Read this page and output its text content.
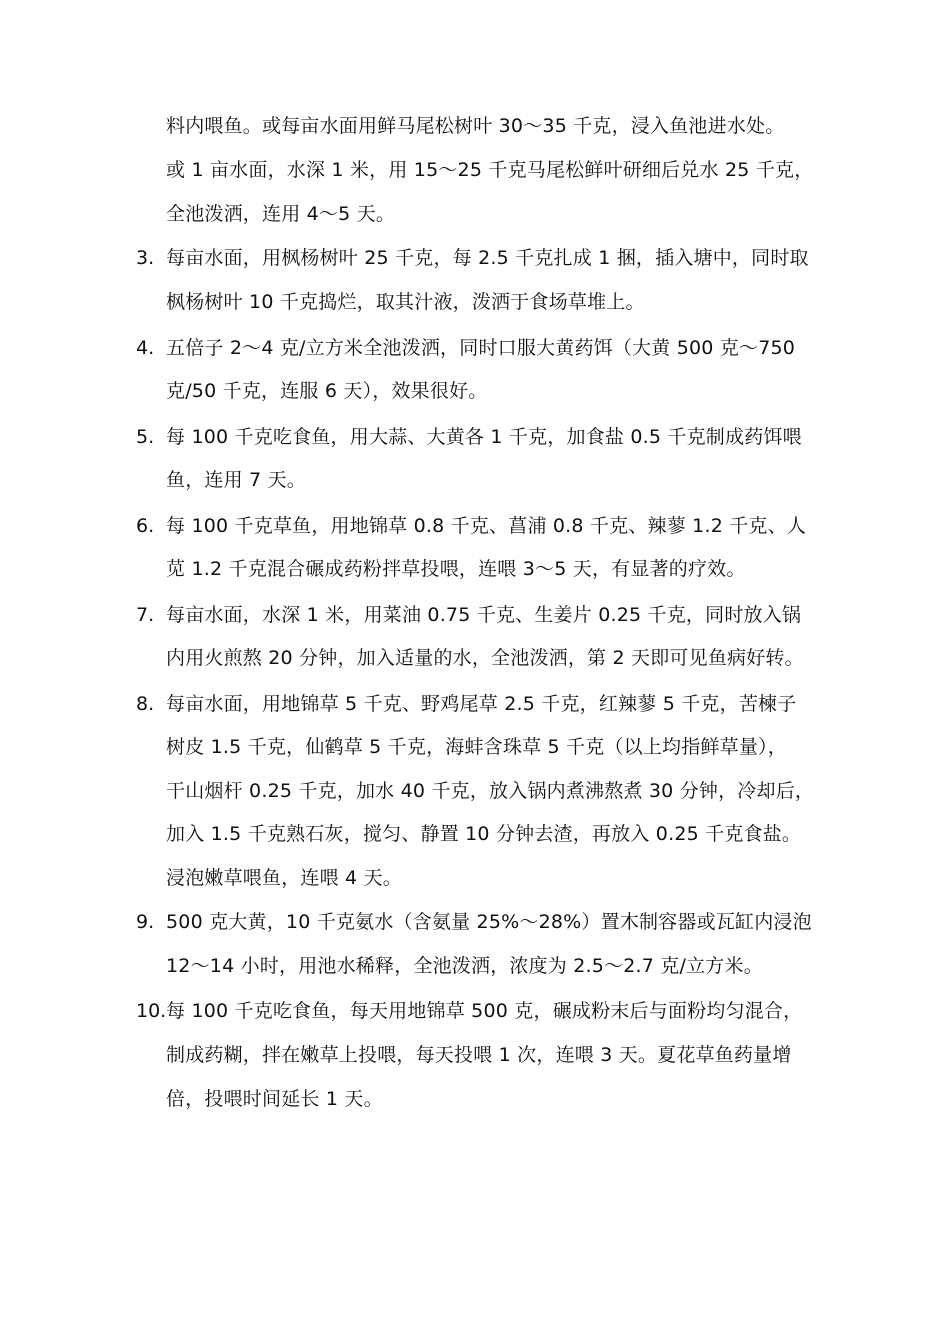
料内喂鱼。或每亩水面用鲜马尾松树叶 30～35 千克，浸入鱼池进水处。
或 1 亩水面，水深 1 米，用 15～25 千克马尾松鲜叶研细后兑水 25 千克，
全池泼洒，连用 4～5 天。
3. 每亩水面，用枫杨树叶 25 千克，每 2.5 千克扎成 1 捆，插入塘中，同时取
枫杨树叶 10 千克捣烂，取其汁液，泼洒于食场草堆上。
4. 五倍子 2～4 克/立方米全池泼洒，同时口服大黄药饵（大黄 500 克～750
克/50 千克，连服 6 天），效果很好。
5. 每 100 千克吃食鱼，用大蒜、大黄各 1 千克，加食盐 0.5 千克制成药饵喂
鱼，连用 7 天。
6. 每 100 千克草鱼，用地锦草 0.8 千克、菖浦 0.8 千克、辣蓼 1.2 千克、人
苋 1.2 千克混合碾成药粉拌草投喂，连喂 3～5 天，有显著的疗效。
7. 每亩水面，水深 1 米，用菜油 0.75 千克、生姜片 0.25 千克，同时放入锅
内用火煎熬 20 分钟，加入适量的水，全池泼洒，第 2 天即可见鱼病好转。
8. 每亩水面，用地锦草 5 千克、野鸡尾草 2.5 千克，红辣蓼 5 千克，苦楝子
树皮 1.5 千克，仙鹤草 5 千克，海蚌含珠草 5 千克（以上均指鲜草量），
干山烟杆 0.25 千克，加水 40 千克，放入锅内煮沸熬煮 30 分钟，冷却后，
加入 1.5 千克熟石灰，搅匀、静置 10 分钟去渣，再放入 0.25 千克食盐。
浸泡嫩草喂鱼，连喂 4 天。
9. 500 克大黄，10 千克氨水（含氨量 25%～28%）置木制容器或瓦缸内浸泡
12～14 小时，用池水稀释，全池泼洒，浓度为 2.5～2.7 克/立方米。
10. 每 100 千克吃食鱼，每天用地锦草 500 克，碾成粉末后与面粉均匀混合，
制成药糊，拌在嫩草上投喂，每天投喂 1 次，连喂 3 天。夏花草鱼药量增
倍，投喂时间延长 1 天。
